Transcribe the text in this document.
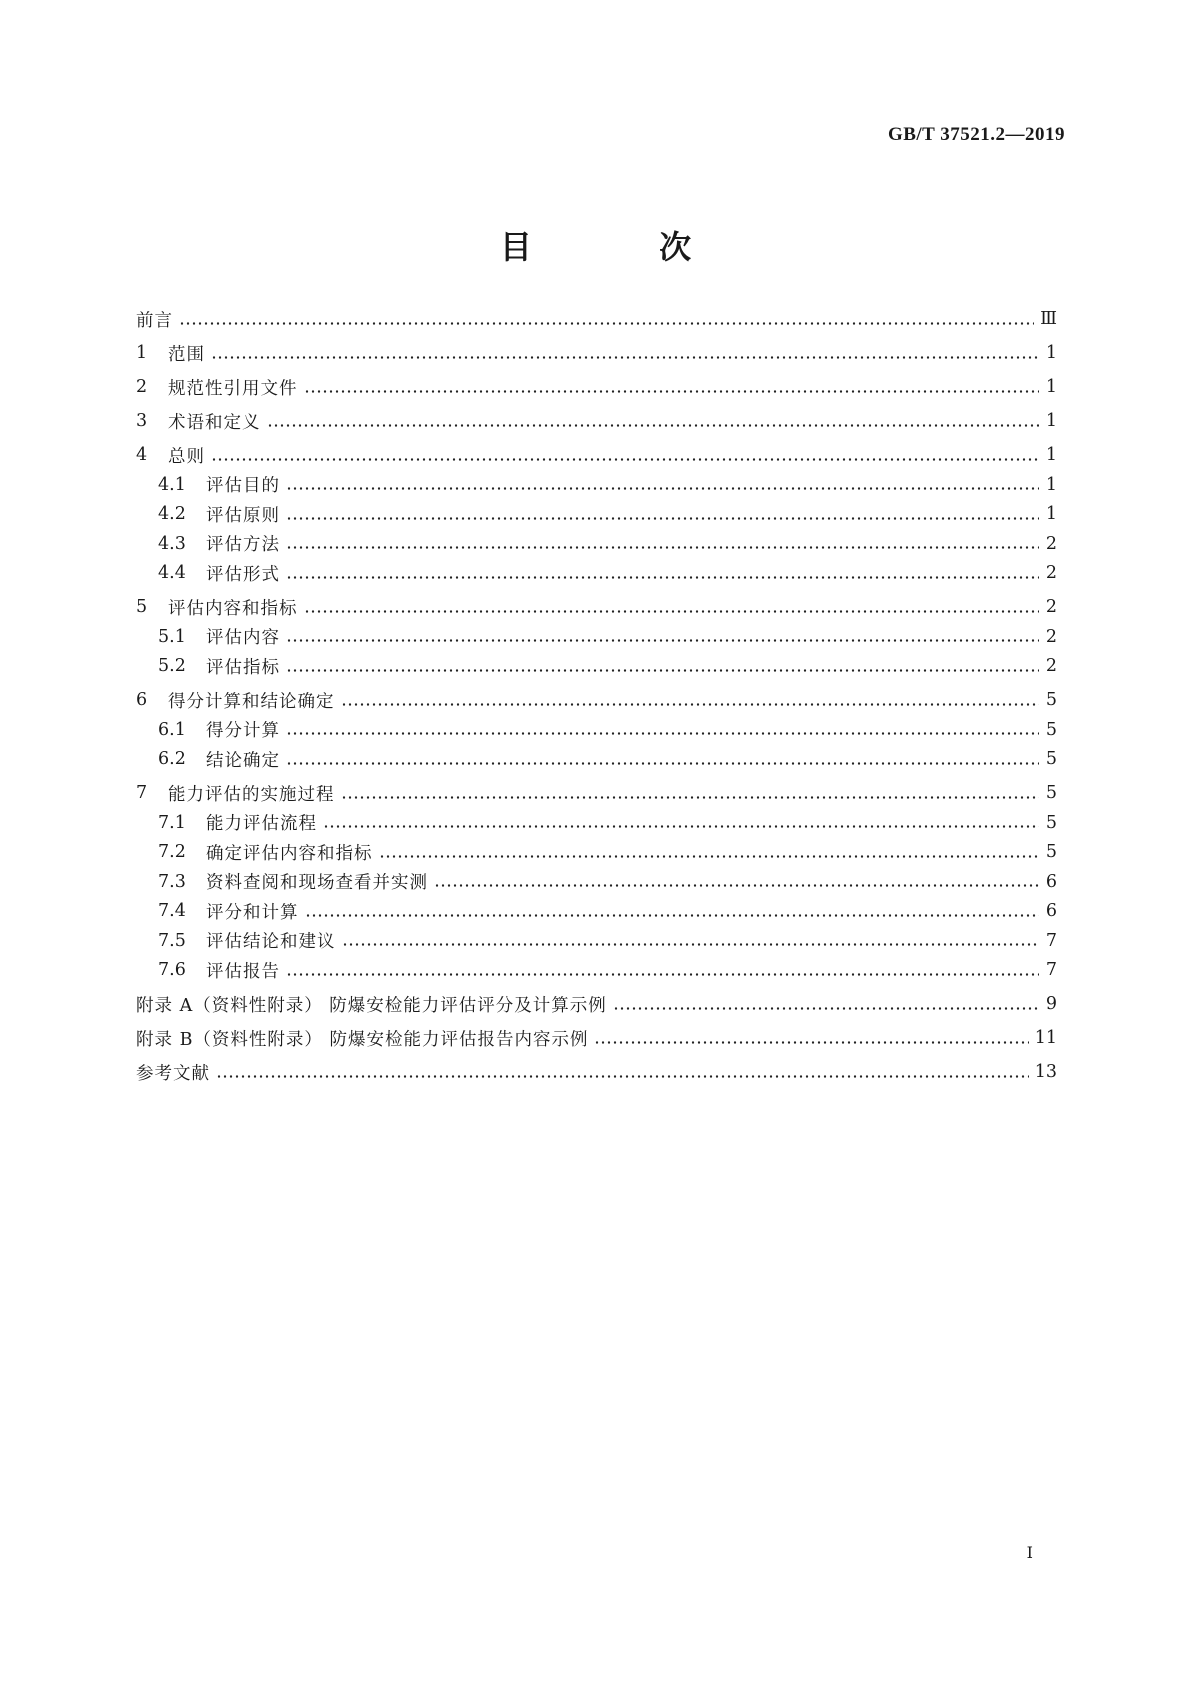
GB/T 37521.2—2019
目 次
前言	Ⅲ
1	范围	1
2	规范性引用文件	1
3	术语和定义	1
4	总则	1
4.1	评估目的	1
4.2	评估原则	1
4.3	评估方法	2
4.4	评估形式	2
5	评估内容和指标	2
5.1	评估内容	2
5.2	评估指标	2
6	得分计算和结论确定	5
6.1	得分计算	5
6.2	结论确定	5
7	能力评估的实施过程	5
7.1	能力评估流程	5
7.2	确定评估内容和指标	5
7.3	资料查阅和现场查看并实测	6
7.4	评分和计算	6
7.5	评估结论和建议	7
7.6	评估报告	7
附录 A（资料性附录） 防爆安检能力评估评分及计算示例	9
附录 B（资料性附录） 防爆安检能力评估报告内容示例	11
参考文献	13
I
